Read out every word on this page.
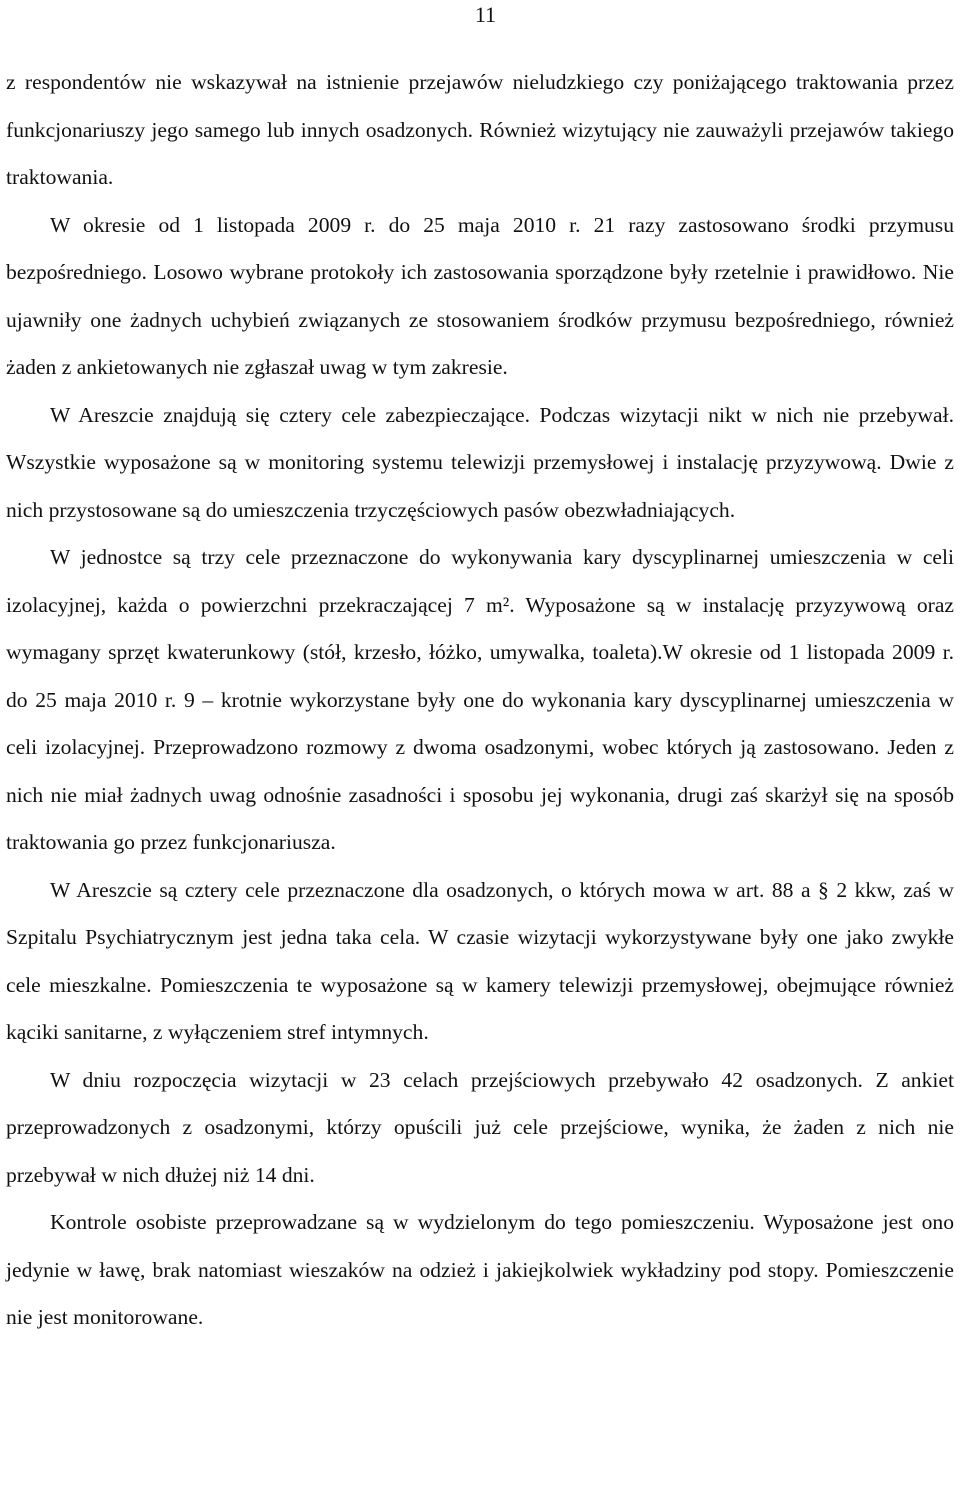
11

z respondentów nie wskazywał na istnienie przejawów nieludzkiego czy poniżającego traktowania przez funkcjonariuszy jego samego lub innych osadzonych. Również wizytujący nie zauważyli przejawów takiego traktowania.

W okresie od 1 listopada 2009 r. do 25 maja 2010 r. 21 razy zastosowano środki przymusu bezpośredniego. Losowo wybrane protokoły ich zastosowania sporządzone były rzetelnie i prawidłowo. Nie ujawniły one żadnych uchybień związanych ze stosowaniem środków przymusu bezpośredniego, również żaden z ankietowanych nie zgłaszał uwag w tym zakresie.

W Areszcie znajdują się cztery cele zabezpieczające. Podczas wizytacji nikt w nich nie przebywał. Wszystkie wyposażone są w monitoring systemu telewizji przemysłowej i instalację przyzywową. Dwie z nich przystosowane są do umieszczenia trzyczęściowych pasów obezwładniających.

W jednostce są trzy cele przeznaczone do wykonywania kary dyscyplinarnej umieszczenia w celi izolacyjnej, każda o powierzchni przekraczającej 7 m². Wyposażone są w instalację przyzywową oraz wymagany sprzęt kwaterunkowy (stół, krzesło, łóżko, umywalka, toaleta).W okresie od 1 listopada 2009 r. do 25 maja 2010 r. 9 – krotnie wykorzystane były one do wykonania kary dyscyplinarnej umieszczenia w celi izolacyjnej. Przeprowadzono rozmowy z dwoma osadzonymi, wobec których ją zastosowano. Jeden z nich nie miał żadnych uwag odnośnie zasadności i sposobu jej wykonania, drugi zaś skarżył się na sposób traktowania go przez funkcjonariusza.

W Areszcie są cztery cele przeznaczone dla osadzonych, o których mowa w art. 88 a § 2 kkw, zaś w Szpitalu Psychiatrycznym jest jedna taka cela. W czasie wizytacji wykorzystywane były one jako zwykłe cele mieszkalne. Pomieszczenia te wyposażone są w kamery telewizji przemysłowej, obejmujące również kąciki sanitarne, z wyłączeniem stref intymnych.

W dniu rozpoczęcia wizytacji w 23 celach przejściowych przebywało 42 osadzonych. Z ankiet przeprowadzonych z osadzonymi, którzy opuścili już cele przejściowe, wynika, że żaden z nich nie przebywał w nich dłużej niż 14 dni.

Kontrole osobiste przeprowadzane są w wydzielonym do tego pomieszczeniu. Wyposażone jest ono jedynie w ławę, brak natomiast wieszaków na odzież i jakiejkolwiek wykładziny pod stopy. Pomieszczenie nie jest monitorowane.
